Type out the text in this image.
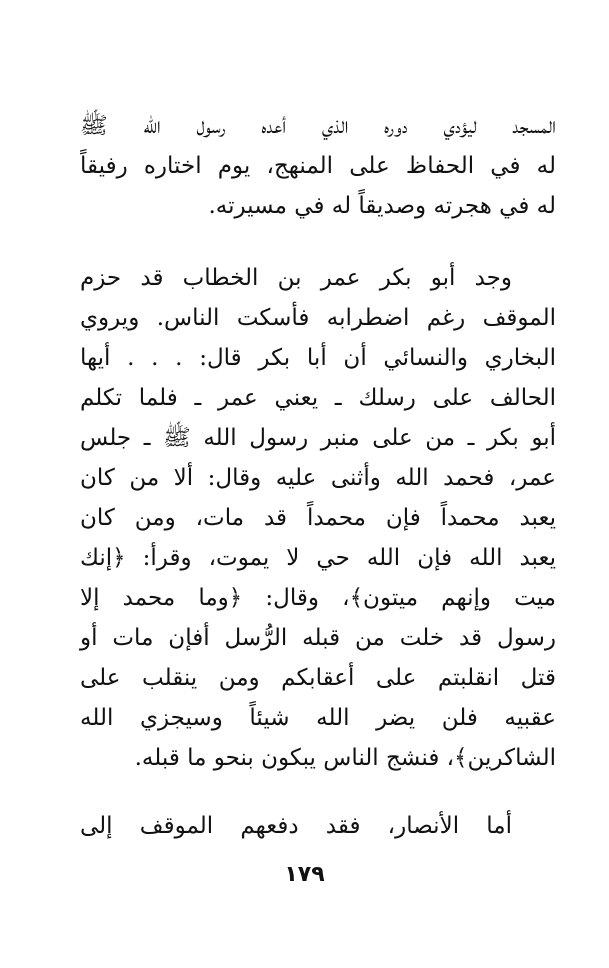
المسجد ليؤدي دوره الذي أعده رسول الله ﷺ
له في الحفاظ على المنهج، يوم اختاره رفيقاً
له في هجرته وصديقاً له في مسيرته.
وجد أبو بكر عمر بن الخطاب قد حزم
الموقف رغم اضطرابه فأسكت الناس. ويروي
البخاري والنسائي أن أبا بكر قال: . . . أيها
الحالف على رسلك ـ يعني عمر ـ فلما تكلم
أبو بكر ـ من على منبر رسول الله ﷺ ـ جلس
عمر، فحمد الله وأثنى عليه وقال: ألا من كان
يعبد محمداً فإن محمداً قد مات، ومن كان
يعبد الله فإن الله حي لا يموت، وقرأ: ﴿إنك
ميت وإنهم ميتون﴾، وقال: ﴿وما محمد إلا
رسول قد خلت من قبله الرُّسل أفإن مات أو
قتل انقلبتم على أعقابكم ومن ينقلب على
عقبيه فلن يضر الله شيئاً وسيجزي الله
الشاكرين﴾، فنشج الناس يبكون بنحو ما قبله.
أما الأنصار، فقد دفعهم الموقف إلى
١٧٩
